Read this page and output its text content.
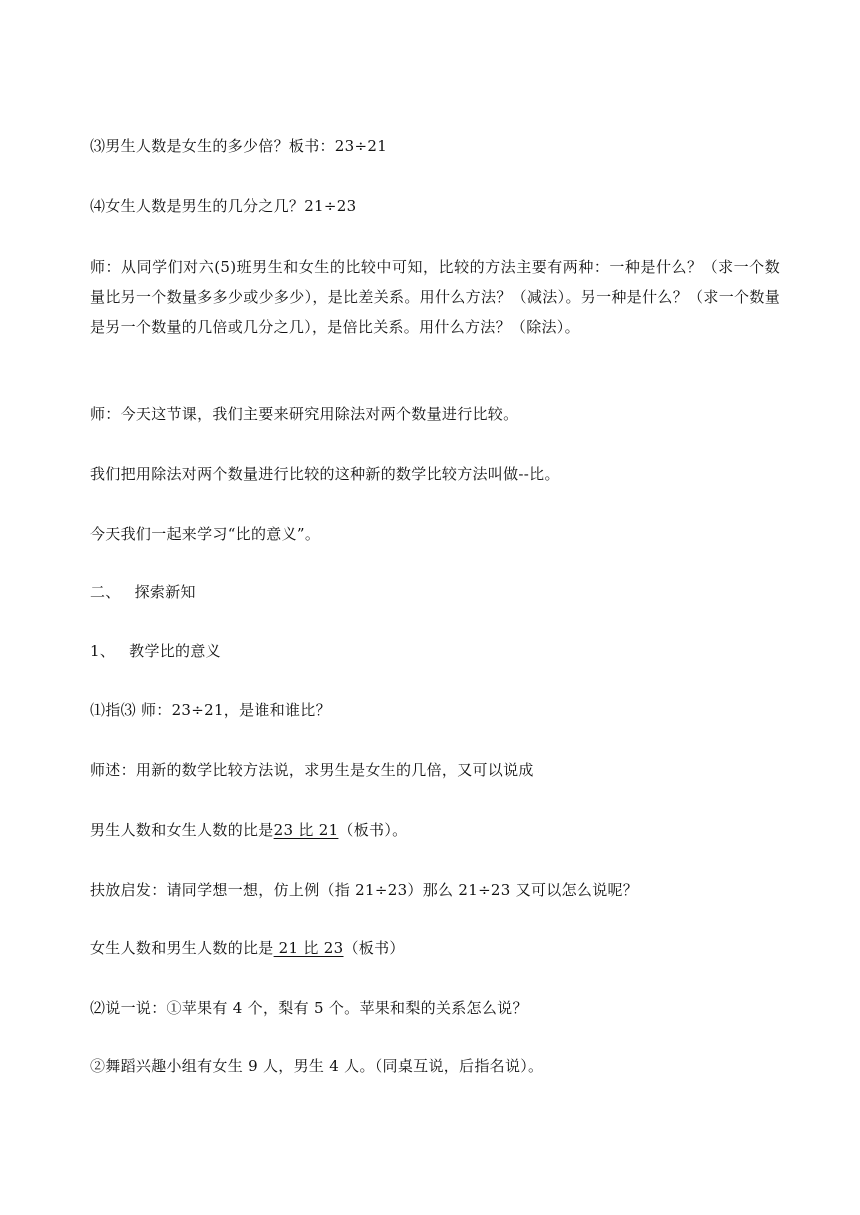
⑶男生人数是女生的多少倍？板书：23÷21
⑷女生人数是男生的几分之几？21÷23
师：从同学们对六(5)班男生和女生的比较中可知，比较的方法主要有两种：一种是什么？（求一个数量比另一个数量多多少或少多少），是比差关系。用什么方法？（减法）。另一种是什么？（求一个数量是另一个数量的几倍或几分之几），是倍比关系。用什么方法？（除法）。
师：今天这节课，我们主要来研究用除法对两个数量进行比较。
我们把用除法对两个数量进行比较的这种新的数学比较方法叫做--比。
今天我们一起来学习“比的意义”。
二、 探索新知
1、 教学比的意义
⑴指⑶ 师：23÷21，是谁和谁比？
师述：用新的数学比较方法说，求男生是女生的几倍，又可以说成
男生人数和女生人数的比是23 比 21（板书）。
扶放启发：请同学想一想，仿上例（指 21÷23）那么 21÷23 又可以怎么说呢？
女生人数和男生人数的比是 21 比 23（板书）
⑵说一说：①苹果有 4 个，梨有 5 个。苹果和梨的关系怎么说？
②舞蹈兴趣小组有女生 9 人，男生 4 人。（同桌互说，后指名说）。
